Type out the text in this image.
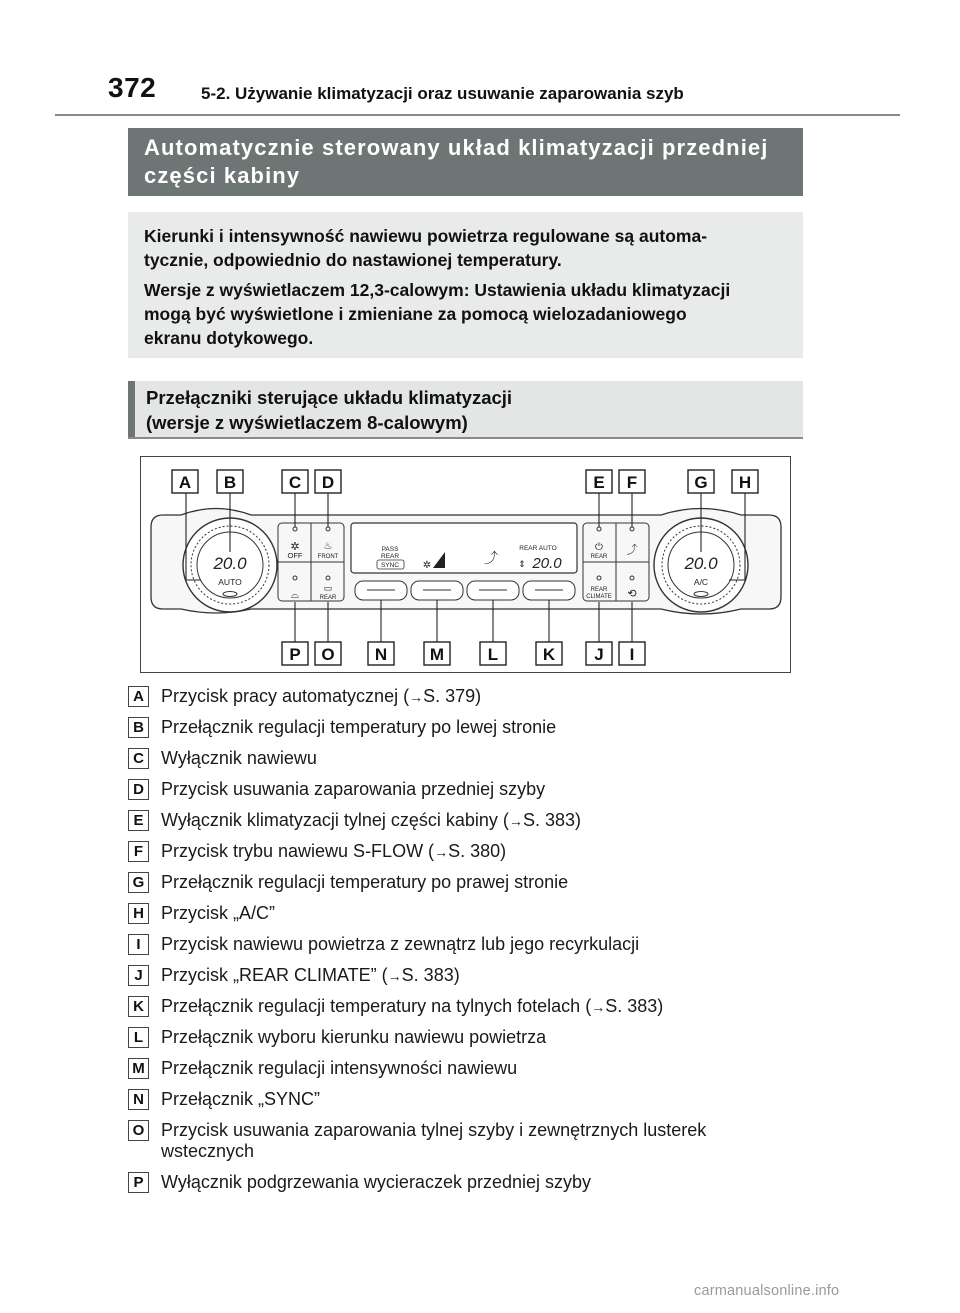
372	5-2. Używanie klimatyzacji oraz usuwanie zaparowania szyb
Automatycznie sterowany układ klimatyzacji przedniej
części kabiny
Kierunki i intensywność nawiewu powietrza regulowane są automa-
tycznie, odpowiednio do nastawionej temperatury.
Wersje z wyświetlaczem 12,3-calowym: Ustawienia układu klimatyzacji
mogą być wyświetlone i zmieniane za pomocą wielozadaniowego
ekranu dotykowego.
Przełączniki sterujące układu klimatyzacji
(wersje z wyświetlaczem 8-calowym)
20.0
AUTO
20.0
A/C
✲
OFF
♨
FRONT
⌓
▭
REAR
PASS
REAR
SYNC ✲	⤴
REAR AUTO
⇕ 20.0
⏻
REAR
⤴
REAR
CLIMATE ⟲
A B	C D	E F	G H
P O N	M	L	K J I
A Przycisk pracy automatycznej (→S. 379)
B Przełącznik regulacji temperatury po lewej stronie
C Wyłącznik nawiewu
D Przycisk usuwania zaparowania przedniej szyby
E Wyłącznik klimatyzacji tylnej części kabiny (→S. 383)
F Przycisk trybu nawiewu S-FLOW (→S. 380)
G Przełącznik regulacji temperatury po prawej stronie
H Przycisk „A/C”
I	Przycisk nawiewu powietrza z zewnątrz lub jego recyrkulacji
J	Przycisk „REAR CLIMATE” (→S. 383)
K Przełącznik regulacji temperatury na tylnych fotelach (→S. 383)
L Przełącznik wyboru kierunku nawiewu powietrza
M Przełącznik regulacji intensywności nawiewu
N Przełącznik „SYNC”
O Przycisk usuwania zaparowania tylnej szyby i zewnętrznych lusterek
wstecznych
P Wyłącznik podgrzewania wycieraczek przedniej szyby
carmanualsonline.info
